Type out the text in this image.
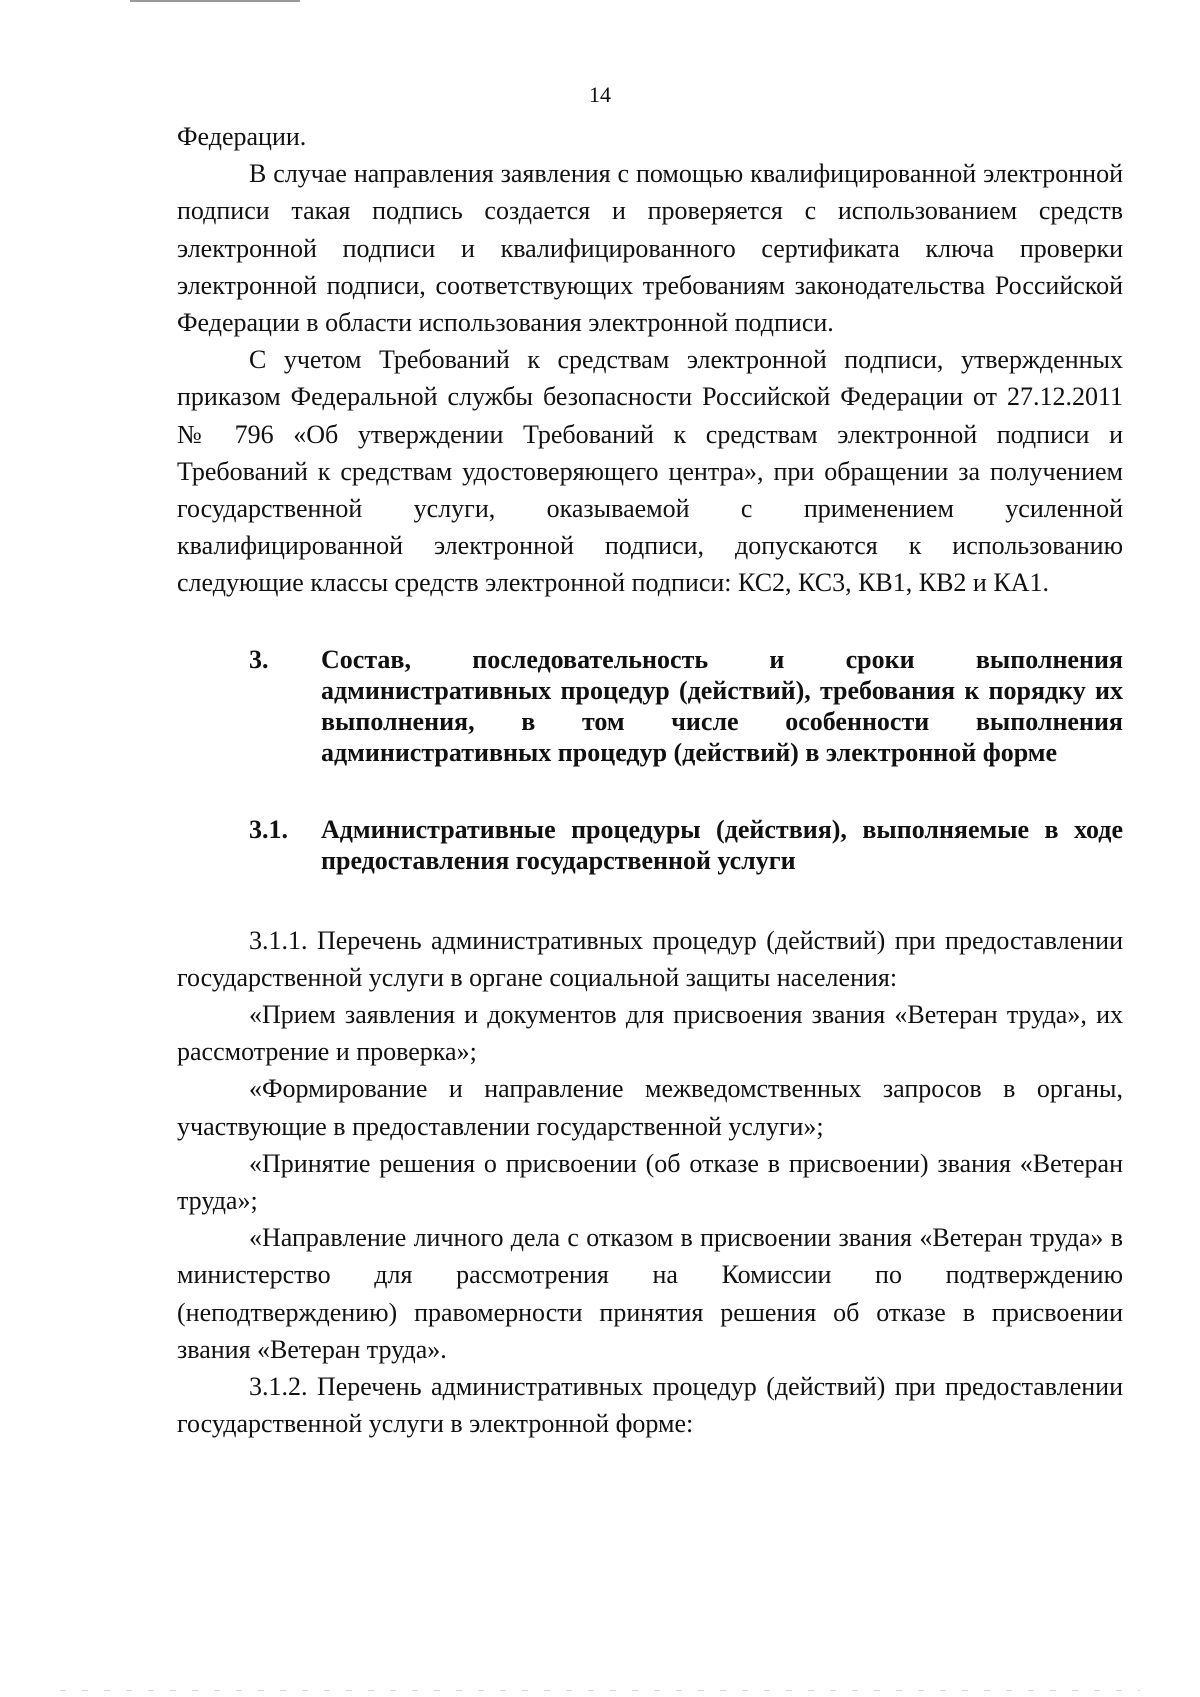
14

Федерации.

В случае направления заявления с помощью квалифицированной электронной подписи такая подпись создается и проверяется с использованием средств электронной подписи и квалифицированного сертификата ключа проверки электронной подписи, соответствующих требованиям законодательства Российской Федерации в области использования электронной подписи.

С учетом Требований к средствам электронной подписи, утвержденных приказом Федеральной службы безопасности Российской Федерации от 27.12.2011 № 796 «Об утверждении Требований к средствам электронной подписи и Требований к средствам удостоверяющего центра», при обращении за получением государственной услуги, оказываемой с применением усиленной квалифицированной электронной подписи, допускаются к использованию следующие классы средств электронной подписи: КС2, КС3, КВ1, КВ2 и КА1.

3.	Состав, последовательность и сроки выполнения административных процедур (действий), требования к порядку их выполнения, в том числе особенности выполнения административных процедур (действий) в электронной форме
3.1.	Административные процедуры (действия), выполняемые в ходе предоставления государственной услуги

3.1.1. Перечень административных процедур (действий) при предоставлении государственной услуги в органе социальной защиты населения:

«Прием заявления и документов для присвоения звания «Ветеран труда», их рассмотрение и проверка»;

«Формирование и направление межведомственных запросов в органы, участвующие в предоставлении государственной услуги»;

«Принятие решения о присвоении (об отказе в присвоении) звания «Ветеран труда»;

«Направление личного дела с отказом в присвоении звания «Ветеран труда» в министерство для рассмотрения на Комиссии по подтверждению (неподтверждению) правомерности принятия решения об отказе в присвоении звания «Ветеран труда».

3.1.2. Перечень административных процедур (действий) при предоставлении государственной услуги в электронной форме:
